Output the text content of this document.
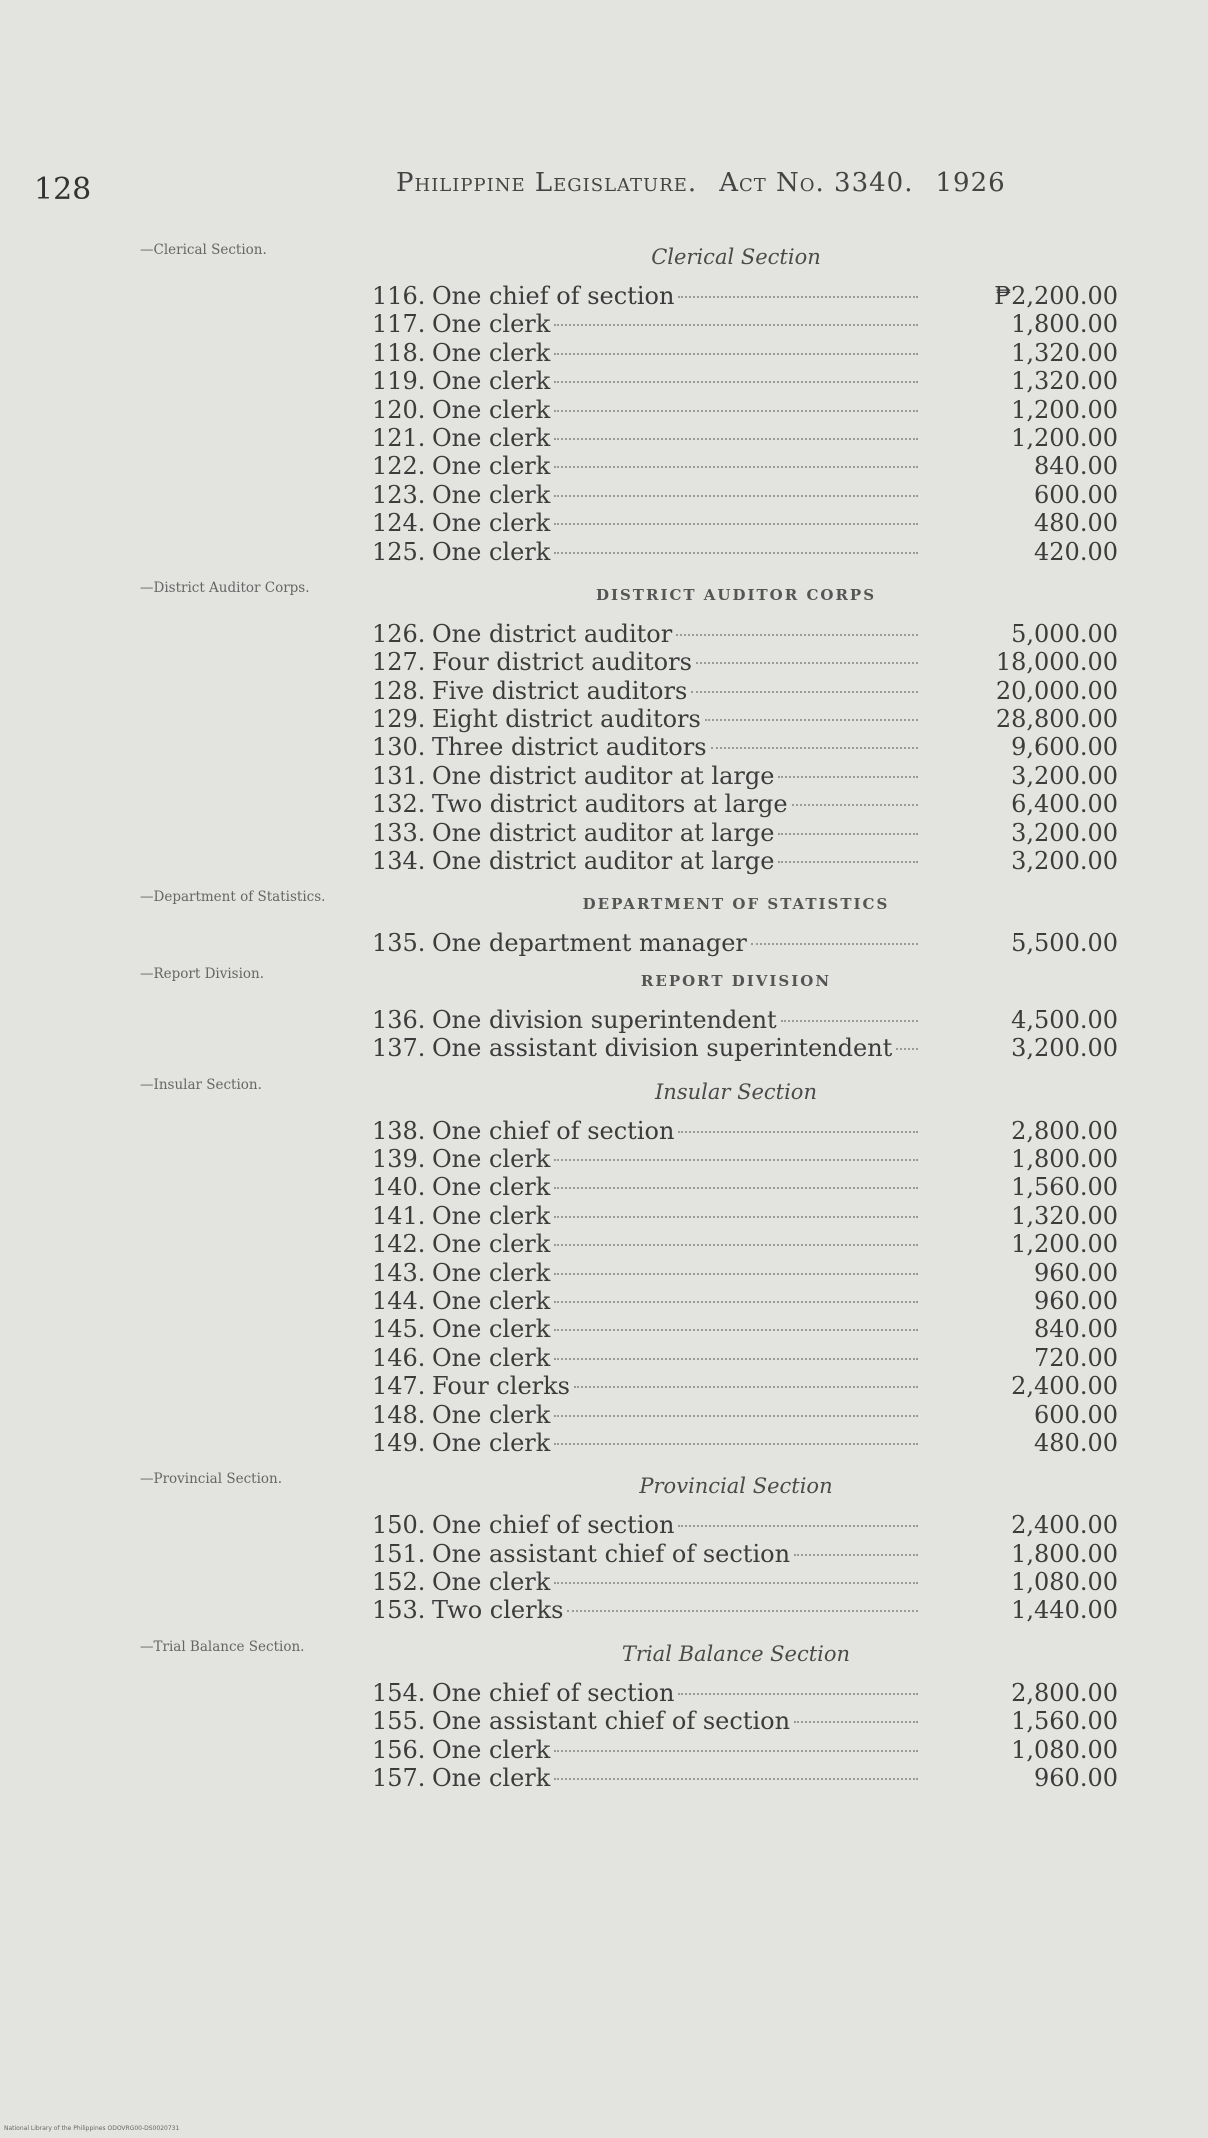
128	Philippine Legislature. Act No. 3340. 1926
—Clerical Section.	Clerical Section
116. One chief of section	₱2,200.00
117. One clerk	1,800.00
118. One clerk	1,320.00
119. One clerk	1,320.00
120. One clerk	1,200.00
121. One clerk	1,200.00
122. One clerk	840.00
123. One clerk	600.00
124. One clerk	480.00
125. One clerk	420.00
—District Auditor Corps.	DISTRICT AUDITOR CORPS
126. One district auditor	5,000.00
127. Four district auditors	18,000.00
128. Five district auditors	20,000.00
129. Eight district auditors	28,800.00
130. Three district auditors	9,600.00
131. One district auditor at large	3,200.00
132. Two district auditors at large	6,400.00
133. One district auditor at large	3,200.00
134. One district auditor at large	3,200.00
—Department of Statistics.	DEPARTMENT OF STATISTICS
135. One department manager	5,500.00
—Report Division.	REPORT DIVISION
136. One division superintendent	4,500.00
137. One assistant division superintendent	3,200.00
—Insular Section.	Insular Section
138. One chief of section	2,800.00
139. One clerk	1,800.00
140. One clerk	1,560.00
141. One clerk	1,320.00
142. One clerk	1,200.00
143. One clerk	960.00
144. One clerk	960.00
145. One clerk	840.00
146. One clerk	720.00
147. Four clerks	2,400.00
148. One clerk	600.00
149. One clerk	480.00
—Provincial Section.	Provincial Section
150. One chief of section	2,400.00
151. One assistant chief of section	1,800.00
152. One clerk	1,080.00
153. Two clerks	1,440.00
—Trial Balance Section.	Trial Balance Section
154. One chief of section	2,800.00
155. One assistant chief of section	1,560.00
156. One clerk	1,080.00
157. One clerk	960.00
National Library of the Philippines ODOVRG00-DS0020731
